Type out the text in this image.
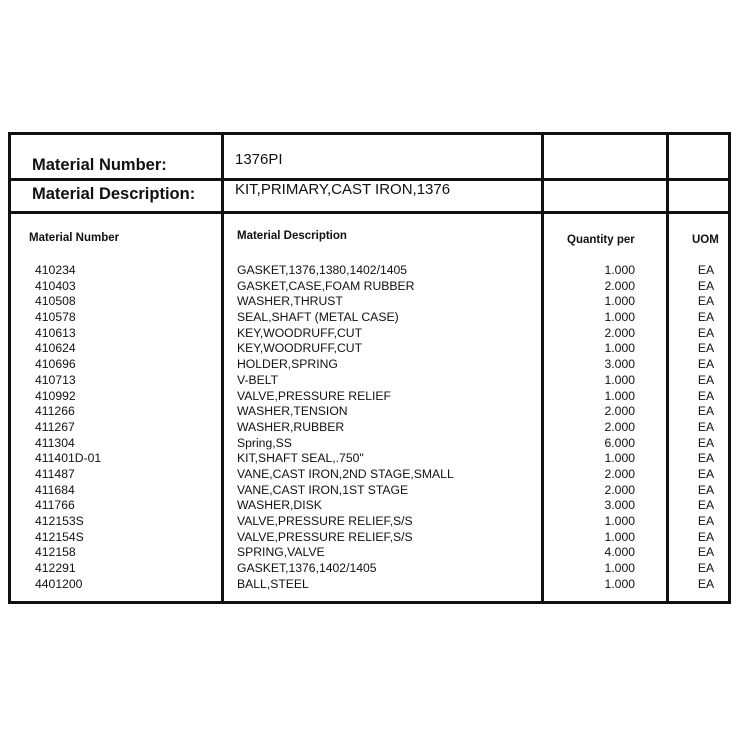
Material Number:	1376PI
Material Description:	KIT,PRIMARY,CAST IRON,1376
Material Number	Material Description	Quantity per	UOM
410234	GASKET,1376,1380,1402/1405	1.000	EA
410403	GASKET,CASE,FOAM RUBBER	2.000	EA
410508	WASHER,THRUST	1.000	EA
410578	SEAL,SHAFT (METAL CASE)	1.000	EA
410613	KEY,WOODRUFF,CUT	2.000	EA
410624	KEY,WOODRUFF,CUT	1.000	EA
410696	HOLDER,SPRING	3.000	EA
410713	V-BELT	1.000	EA
410992	VALVE,PRESSURE RELIEF	1.000	EA
411266	WASHER,TENSION	2.000	EA
411267	WASHER,RUBBER	2.000	EA
411304	Spring,SS	6.000	EA
411401D-01	KIT,SHAFT SEAL,.750"	1.000	EA
411487	VANE,CAST IRON,2ND STAGE,SMALL	2.000	EA
411684	VANE,CAST IRON,1ST STAGE	2.000	EA
411766	WASHER,DISK	3.000	EA
412153S	VALVE,PRESSURE RELIEF,S/S	1.000	EA
412154S	VALVE,PRESSURE RELIEF,S/S	1.000	EA
412158	SPRING,VALVE	4.000	EA
412291	GASKET,1376,1402/1405	1.000	EA
4401200	BALL,STEEL	1.000	EA
